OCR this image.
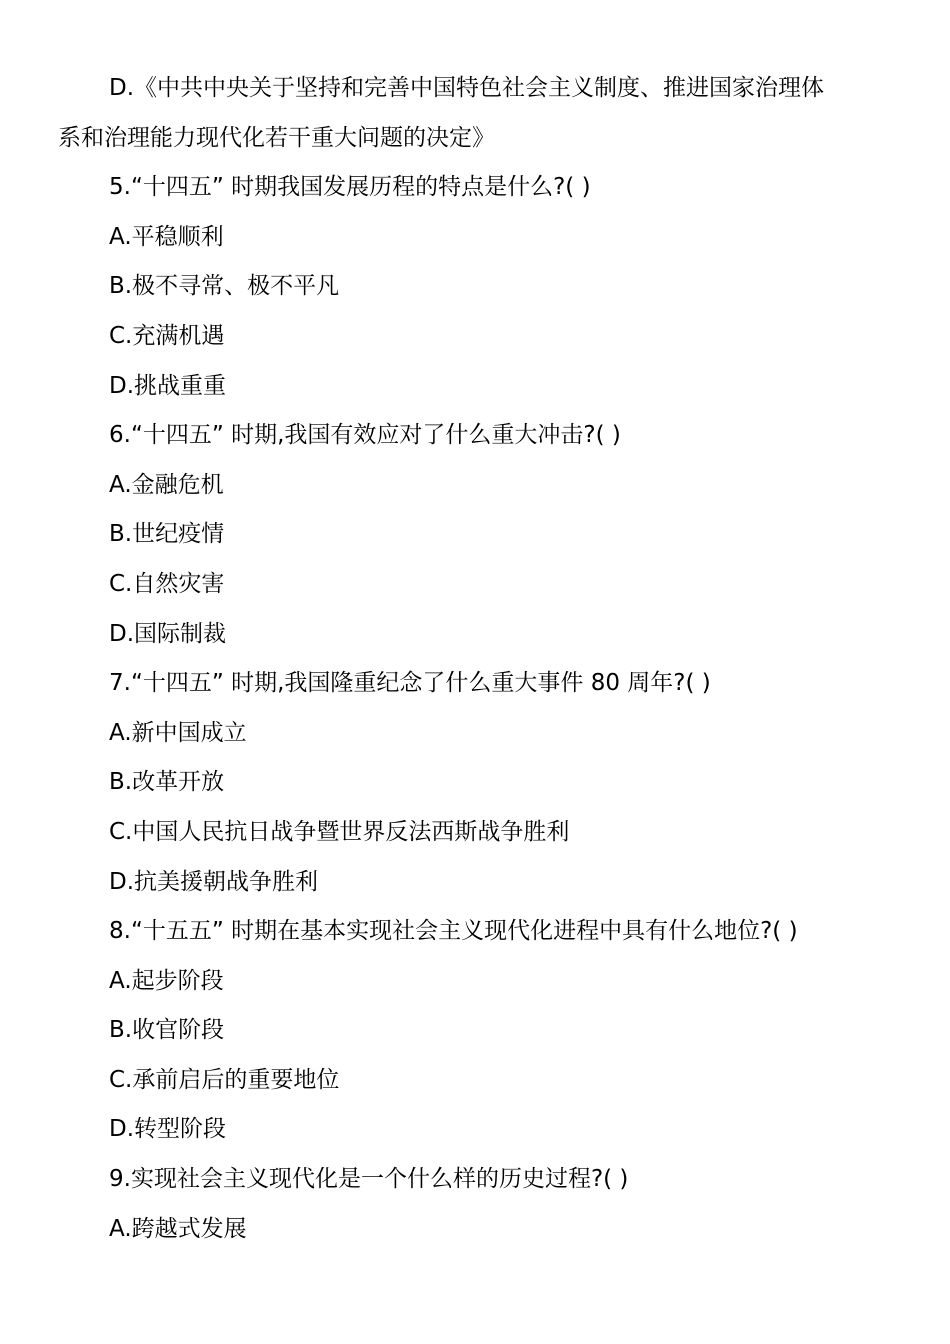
D.《中共中央关于坚持和完善中国特色社会主义制度、推进国家治理体
系和治理能力现代化若干重大问题的决定》
5.“十四五” 时期我国发展历程的特点是什么?( )
A.平稳顺利
B.极不寻常、极不平凡
C.充满机遇
D.挑战重重
6.“十四五” 时期,我国有效应对了什么重大冲击?( )
A.金融危机
B.世纪疫情
C.自然灾害
D.国际制裁
7.“十四五” 时期,我国隆重纪念了什么重大事件 80 周年?( )
A.新中国成立
B.改革开放
C.中国人民抗日战争暨世界反法西斯战争胜利
D.抗美援朝战争胜利
8.“十五五” 时期在基本实现社会主义现代化进程中具有什么地位?( )
A.起步阶段
B.收官阶段
C.承前启后的重要地位
D.转型阶段
9.实现社会主义现代化是一个什么样的历史过程?( )
A.跨越式发展
